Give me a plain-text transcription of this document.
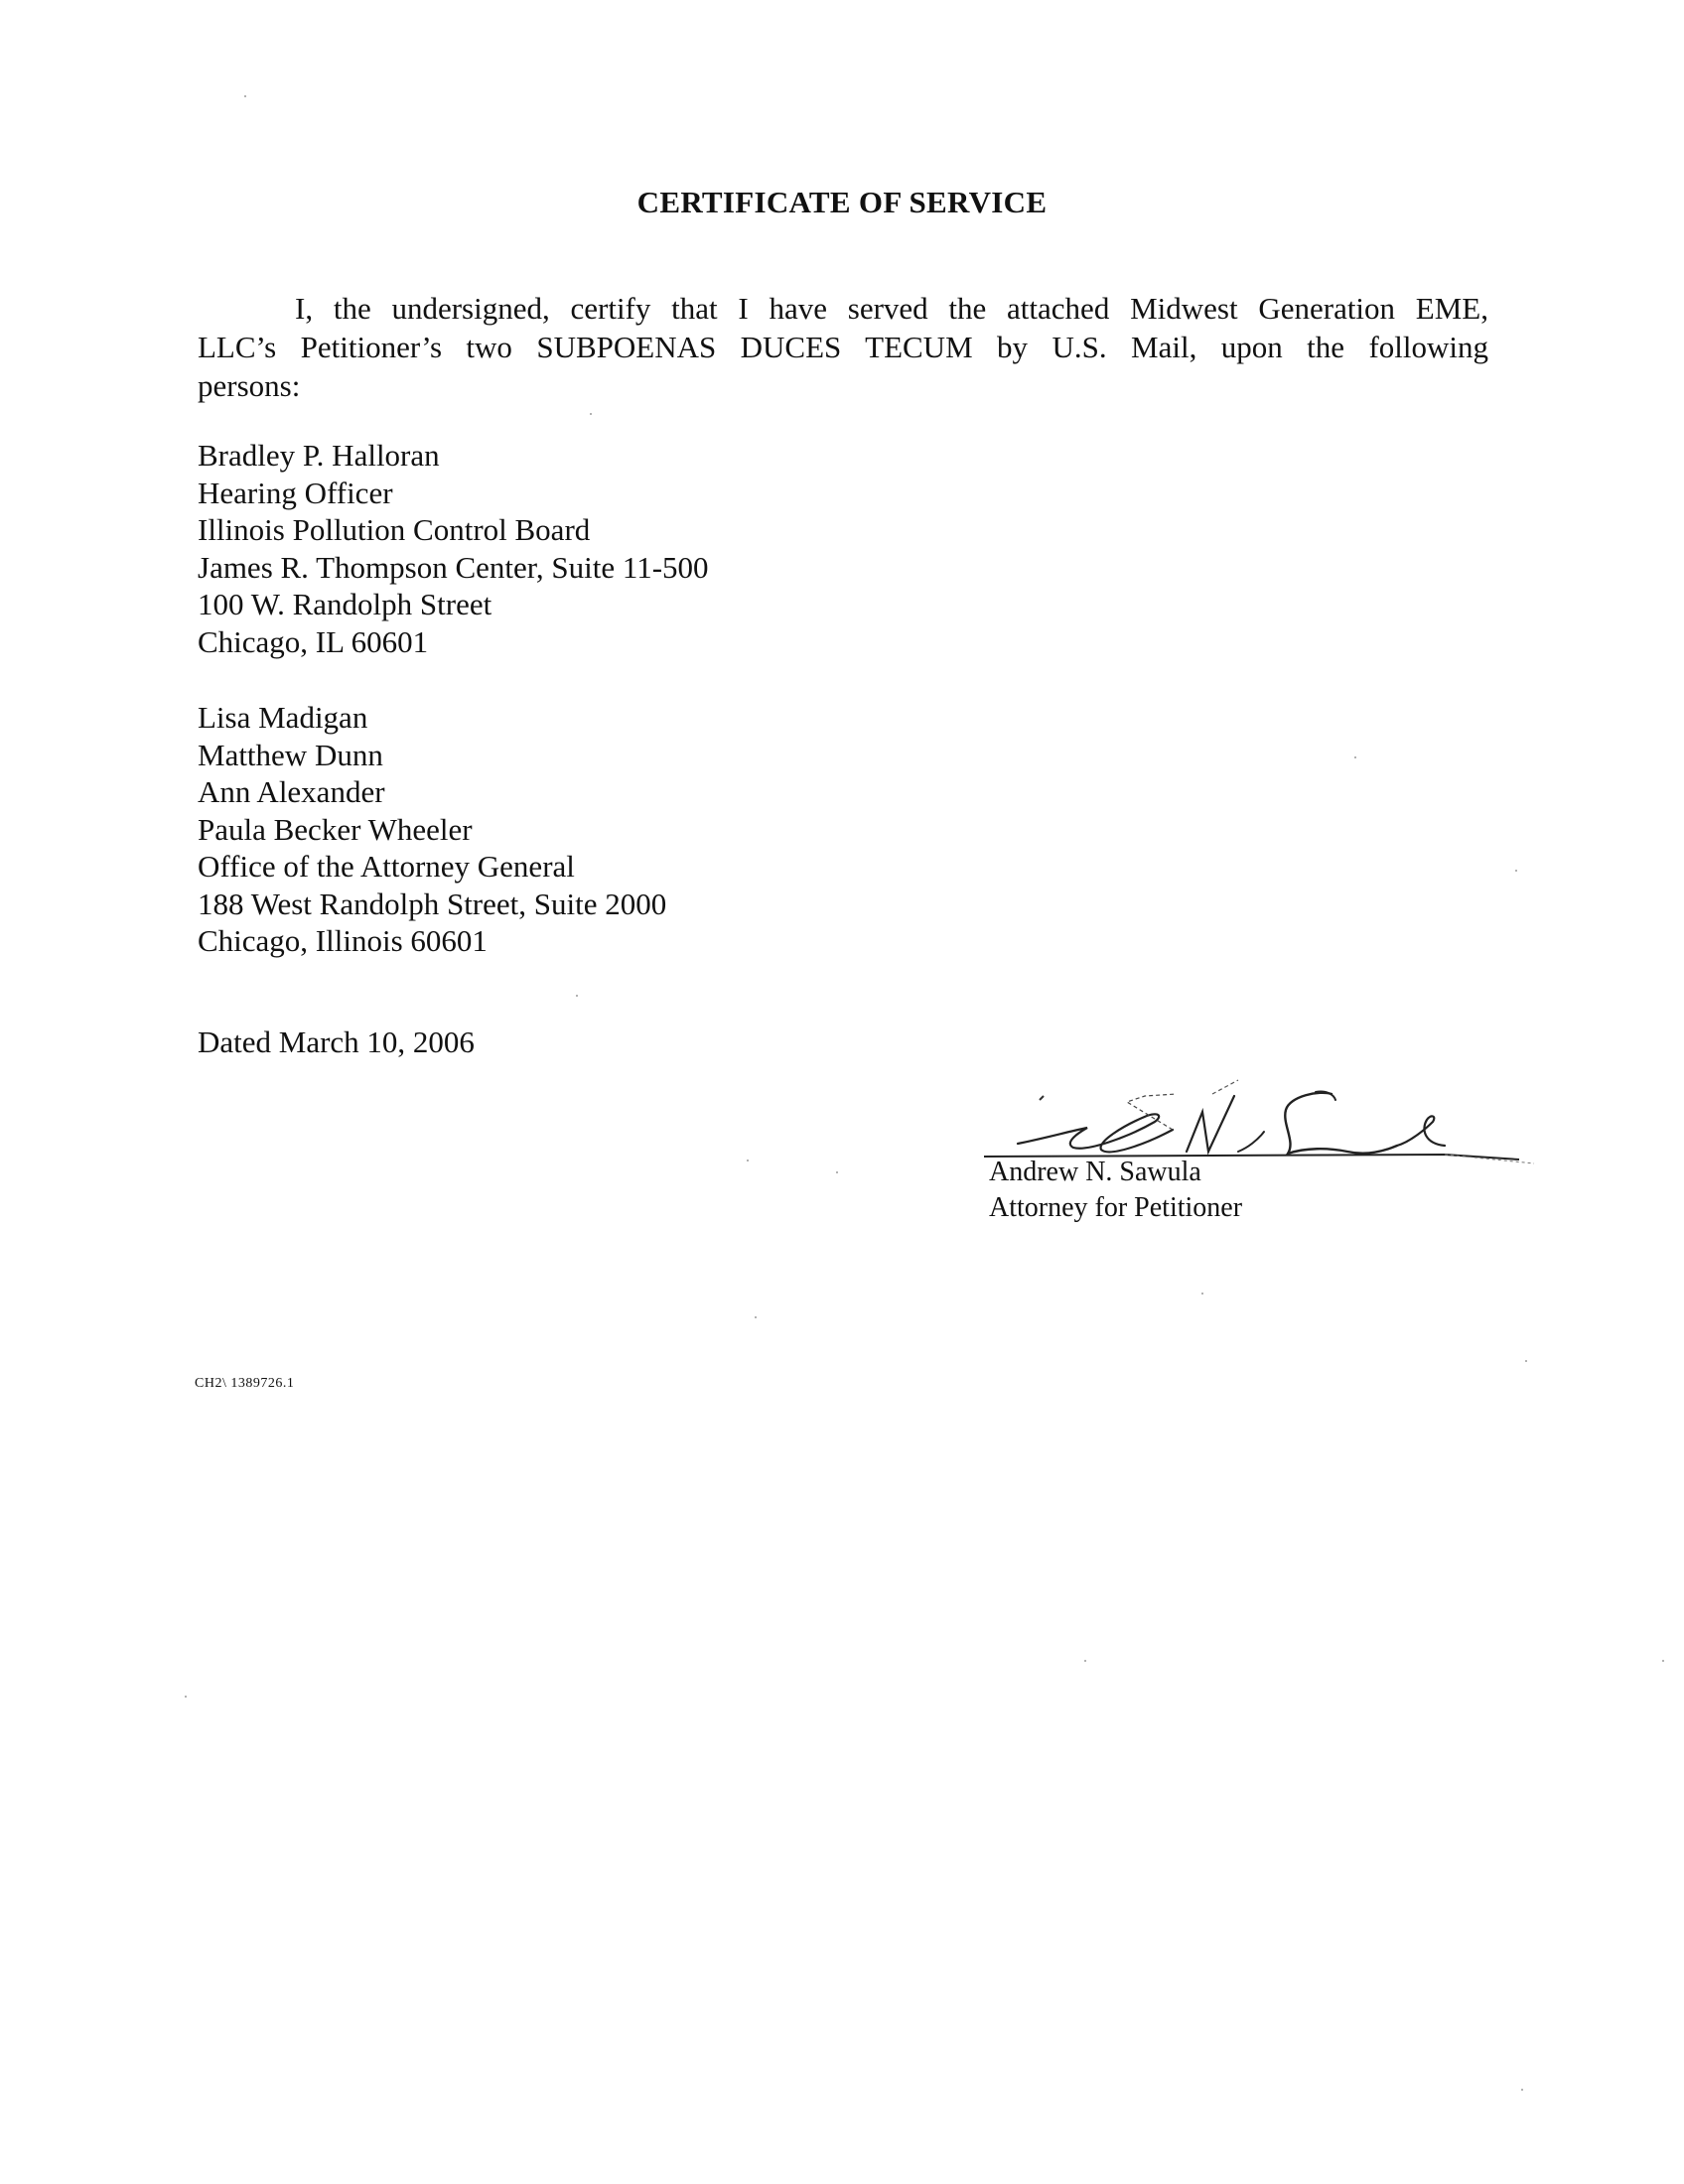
CERTIFICATE OF SERVICE
I, the undersigned, certify that I have served the attached Midwest Generation EME,
LLC’s Petitioner’s two SUBPOENAS DUCES TECUM by U.S. Mail, upon the following
persons:
Bradley P. Halloran
Hearing Officer
Illinois Pollution Control Board
James R. Thompson Center, Suite 11-500
100 W. Randolph Street
Chicago, IL 60601
Lisa Madigan
Matthew Dunn
Ann Alexander
Paula Becker Wheeler
Office of the Attorney General
188 West Randolph Street, Suite 2000
Chicago, Illinois 60601
Dated March 10, 2006
Andrew N. Sawula
Attorney for Petitioner
CH2\ 1389726.1
